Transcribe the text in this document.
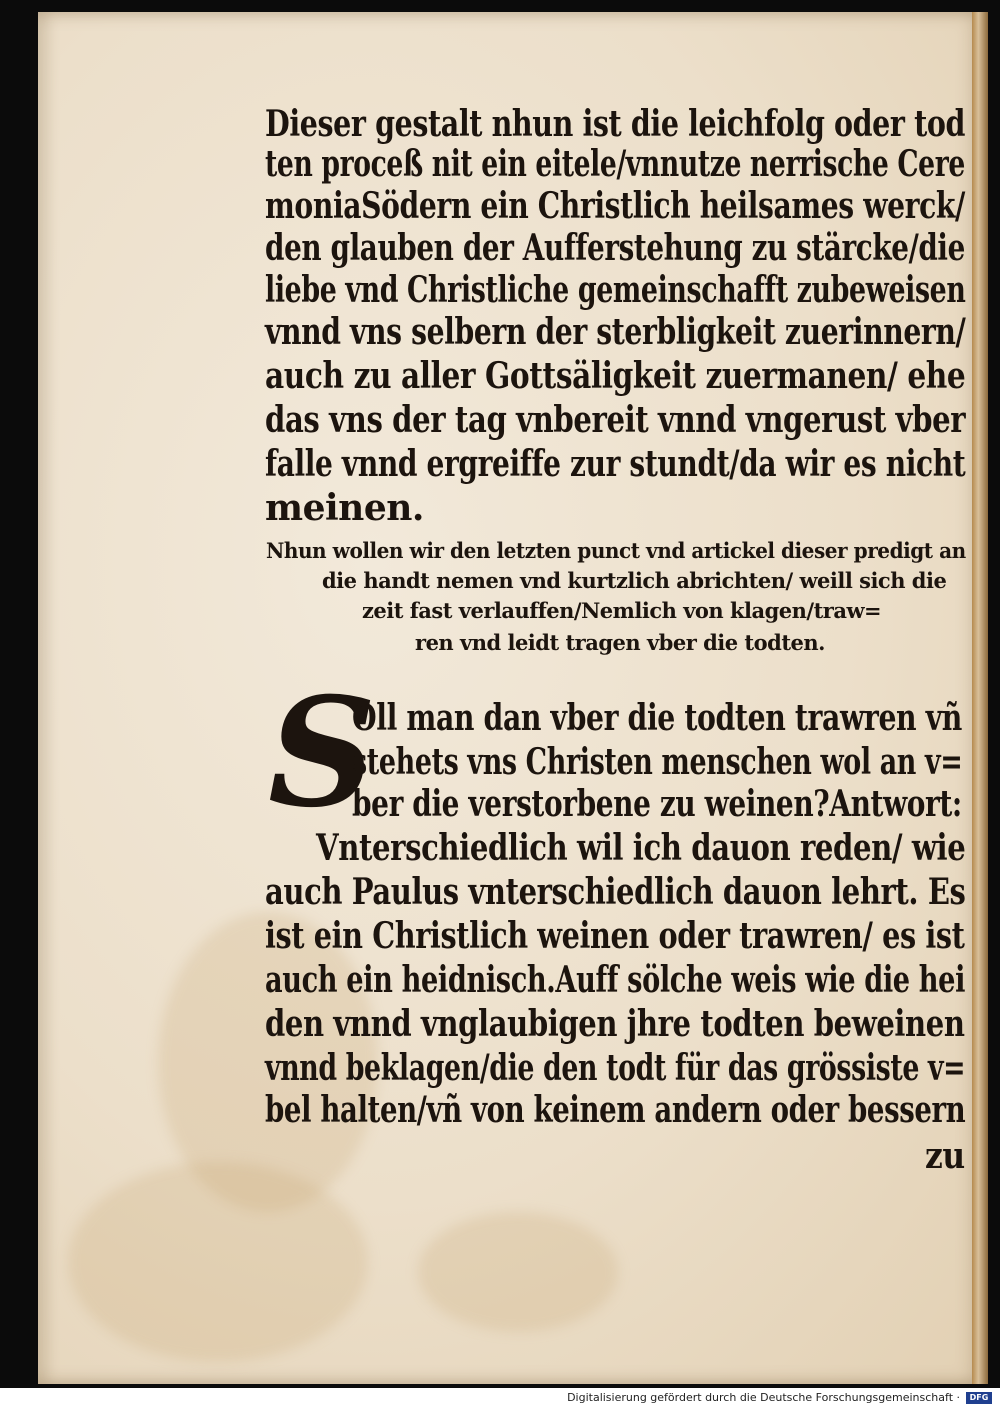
Dieser gestalt nhun ist die leichfolg oder tod
ten proceß nit ein eitele/vnnutze nerrische Cere
moniaSödern ein Christlich heilsames werck/
den glauben der Aufferstehung zu stärcke/die
liebe vnd Christliche gemeinschafft zubeweisen
vnnd vns selbern der sterbligkeit zuerinnern/
auch zu aller Gottsäligkeit zuermanen/ ehe
das vns der tag vnbereit vnnd vngerust vber
falle vnnd ergreiffe zur stundt/da wir es nicht
meinen.
Nhun wollen wir den letzten punct vnd artickel dieser predigt an
die handt nemen vnd kurtzlich abrichten/ weill sich die
zeit fast verlauffen/Nemlich von klagen/traw=
ren vnd leidt tragen vber die todten.
S
Oll man dan vber die todten trawren vñ
stehets vns Christen menschen wol an v=
ber die verstorbene zu weinen?Antwort:
Vnterschiedlich wil ich dauon reden/ wie
auch Paulus vnterschiedlich dauon lehrt. Es
ist ein Christlich weinen oder trawren/ es ist
auch ein heidnisch.Auff sölche weis wie die hei
den vnnd vnglaubigen jhre todten beweinen
vnnd beklagen/die den todt für das grössiste v=
bel halten/vñ von keinem andern oder bessern
zu
Digitalisierung gefördert durch die Deutsche Forschungsgemeinschaft ·	DFG
